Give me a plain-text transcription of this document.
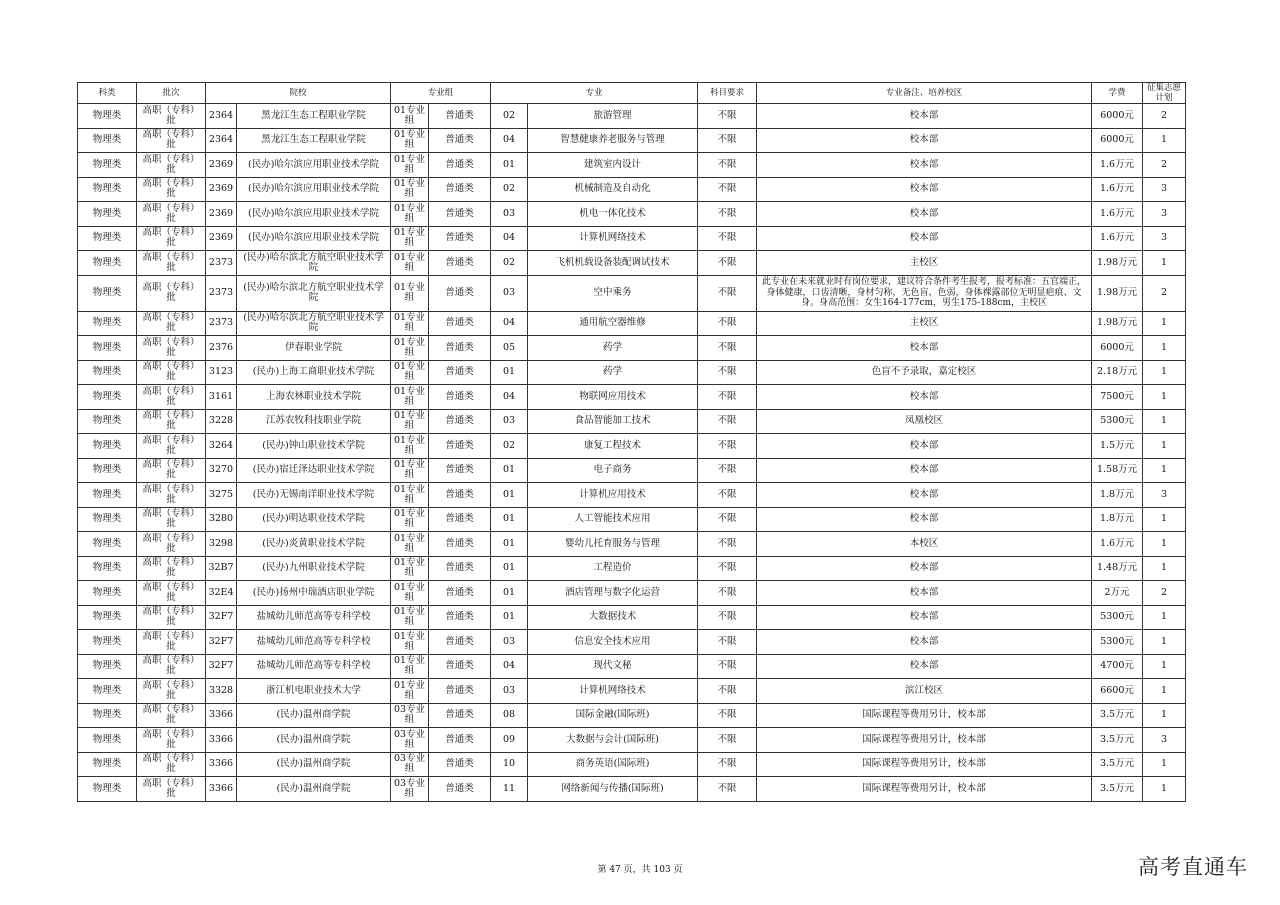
科类	批次	院校		专业组		专业		科目要求	专业备注、培养校区	学费	征集志愿计划
物理类	高职（专科）批	2364	黑龙江生态工程职业学院	01专业组	普通类	02	旅游管理	不限	校本部	6000元	2
物理类	高职（专科）批	2364	黑龙江生态工程职业学院	01专业组	普通类	04	智慧健康养老服务与管理	不限	校本部	6000元	1
物理类	高职（专科）批	2369	(民办)哈尔滨应用职业技术学院	01专业组	普通类	01	建筑室内设计	不限	校本部	1.6万元	2
物理类	高职（专科）批	2369	(民办)哈尔滨应用职业技术学院	01专业组	普通类	02	机械制造及自动化	不限	校本部	1.6万元	3
物理类	高职（专科）批	2369	(民办)哈尔滨应用职业技术学院	01专业组	普通类	03	机电一体化技术	不限	校本部	1.6万元	3
物理类	高职（专科）批	2369	(民办)哈尔滨应用职业技术学院	01专业组	普通类	04	计算机网络技术	不限	校本部	1.6万元	3
物理类	高职（专科）批	2373	(民办)哈尔滨北方航空职业技术学院	01专业组	普通类	02	飞机机载设备装配调试技术	不限	主校区	1.98万元	1
物理类	高职（专科）批	2373	(民办)哈尔滨北方航空职业技术学院	01专业组	普通类	03	空中乘务	不限	此专业在未来就业时有岗位要求，建议符合条件考生报考，报考标准：五官端正，身体健康，口齿清晰，身材匀称，无色盲、色弱，身体裸露部位无明显疤痕、文身。身高范围：女生164-177cm，男生175-188cm，主校区	1.98万元	2
物理类	高职（专科）批	2373	(民办)哈尔滨北方航空职业技术学院	01专业组	普通类	04	通用航空器维修	不限	主校区	1.98万元	1
物理类	高职（专科）批	2376	伊春职业学院	01专业组	普通类	05	药学	不限	校本部	6000元	1
物理类	高职（专科）批	3123	(民办)上海工商职业技术学院	01专业组	普通类	01	药学	不限	色盲不予录取，嘉定校区	2.18万元	1
物理类	高职（专科）批	3161	上海农林职业技术学院	01专业组	普通类	04	物联网应用技术	不限	校本部	7500元	1
物理类	高职（专科）批	3228	江苏农牧科技职业学院	01专业组	普通类	03	食品智能加工技术	不限	凤凰校区	5300元	1
物理类	高职（专科）批	3264	(民办)钟山职业技术学院	01专业组	普通类	02	康复工程技术	不限	校本部	1.5万元	1
物理类	高职（专科）批	3270	(民办)宿迁泽达职业技术学院	01专业组	普通类	01	电子商务	不限	校本部	1.58万元	1
物理类	高职（专科）批	3275	(民办)无锡南洋职业技术学院	01专业组	普通类	01	计算机应用技术	不限	校本部	1.8万元	3
物理类	高职（专科）批	3280	(民办)明达职业技术学院	01专业组	普通类	01	人工智能技术应用	不限	校本部	1.8万元	1
物理类	高职（专科）批	3298	(民办)炎黄职业技术学院	01专业组	普通类	01	婴幼儿托育服务与管理	不限	本校区	1.6万元	1
物理类	高职（专科）批	32B7	(民办)九州职业技术学院	01专业组	普通类	01	工程造价	不限	校本部	1.48万元	1
物理类	高职（专科）批	32E4	(民办)扬州中瑞酒店职业学院	01专业组	普通类	01	酒店管理与数字化运营	不限	校本部	2万元	2
物理类	高职（专科）批	32F7	盐城幼儿师范高等专科学校	01专业组	普通类	01	大数据技术	不限	校本部	5300元	1
物理类	高职（专科）批	32F7	盐城幼儿师范高等专科学校	01专业组	普通类	03	信息安全技术应用	不限	校本部	5300元	1
物理类	高职（专科）批	32F7	盐城幼儿师范高等专科学校	01专业组	普通类	04	现代文秘	不限	校本部	4700元	1
物理类	高职（专科）批	3328	浙江机电职业技术大学	01专业组	普通类	03	计算机网络技术	不限	滨江校区	6600元	1
物理类	高职（专科）批	3366	(民办)温州商学院	03专业组	普通类	08	国际金融(国际班)	不限	国际课程等费用另计，校本部	3.5万元	1
物理类	高职（专科）批	3366	(民办)温州商学院	03专业组	普通类	09	大数据与会计(国际班)	不限	国际课程等费用另计，校本部	3.5万元	3
物理类	高职（专科）批	3366	(民办)温州商学院	03专业组	普通类	10	商务英语(国际班)	不限	国际课程等费用另计，校本部	3.5万元	1
物理类	高职（专科）批	3366	(民办)温州商学院	03专业组	普通类	11	网络新闻与传播(国际班)	不限	国际课程等费用另计，校本部	3.5万元	1
第 47 页，共 103 页	高考直通车
